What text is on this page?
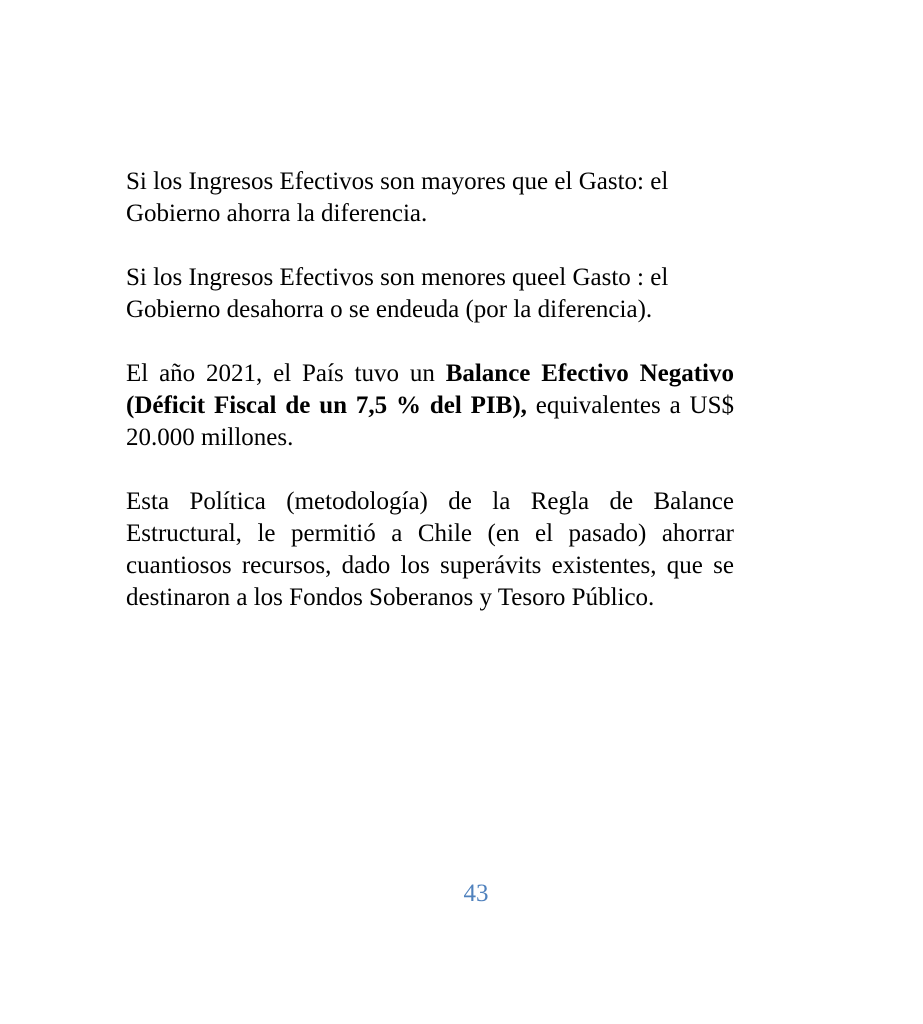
Si los Ingresos Efectivos son mayores que el Gasto: el Gobierno ahorra la diferencia.

Si los Ingresos Efectivos son menores queel Gasto : el Gobierno desahorra o se endeuda (por la diferencia).

El año 2021, el País tuvo un Balance Efectivo Negativo (Déficit Fiscal de un 7,5 % del PIB), equivalentes a US$ 20.000 millones.

Esta Política (metodología) de la Regla de Balance Estructural, le permitió a Chile (en el pasado) ahorrar cuantiosos recursos, dado los superávits existentes, que se destinaron a los Fondos Soberanos y Tesoro Público.

43
